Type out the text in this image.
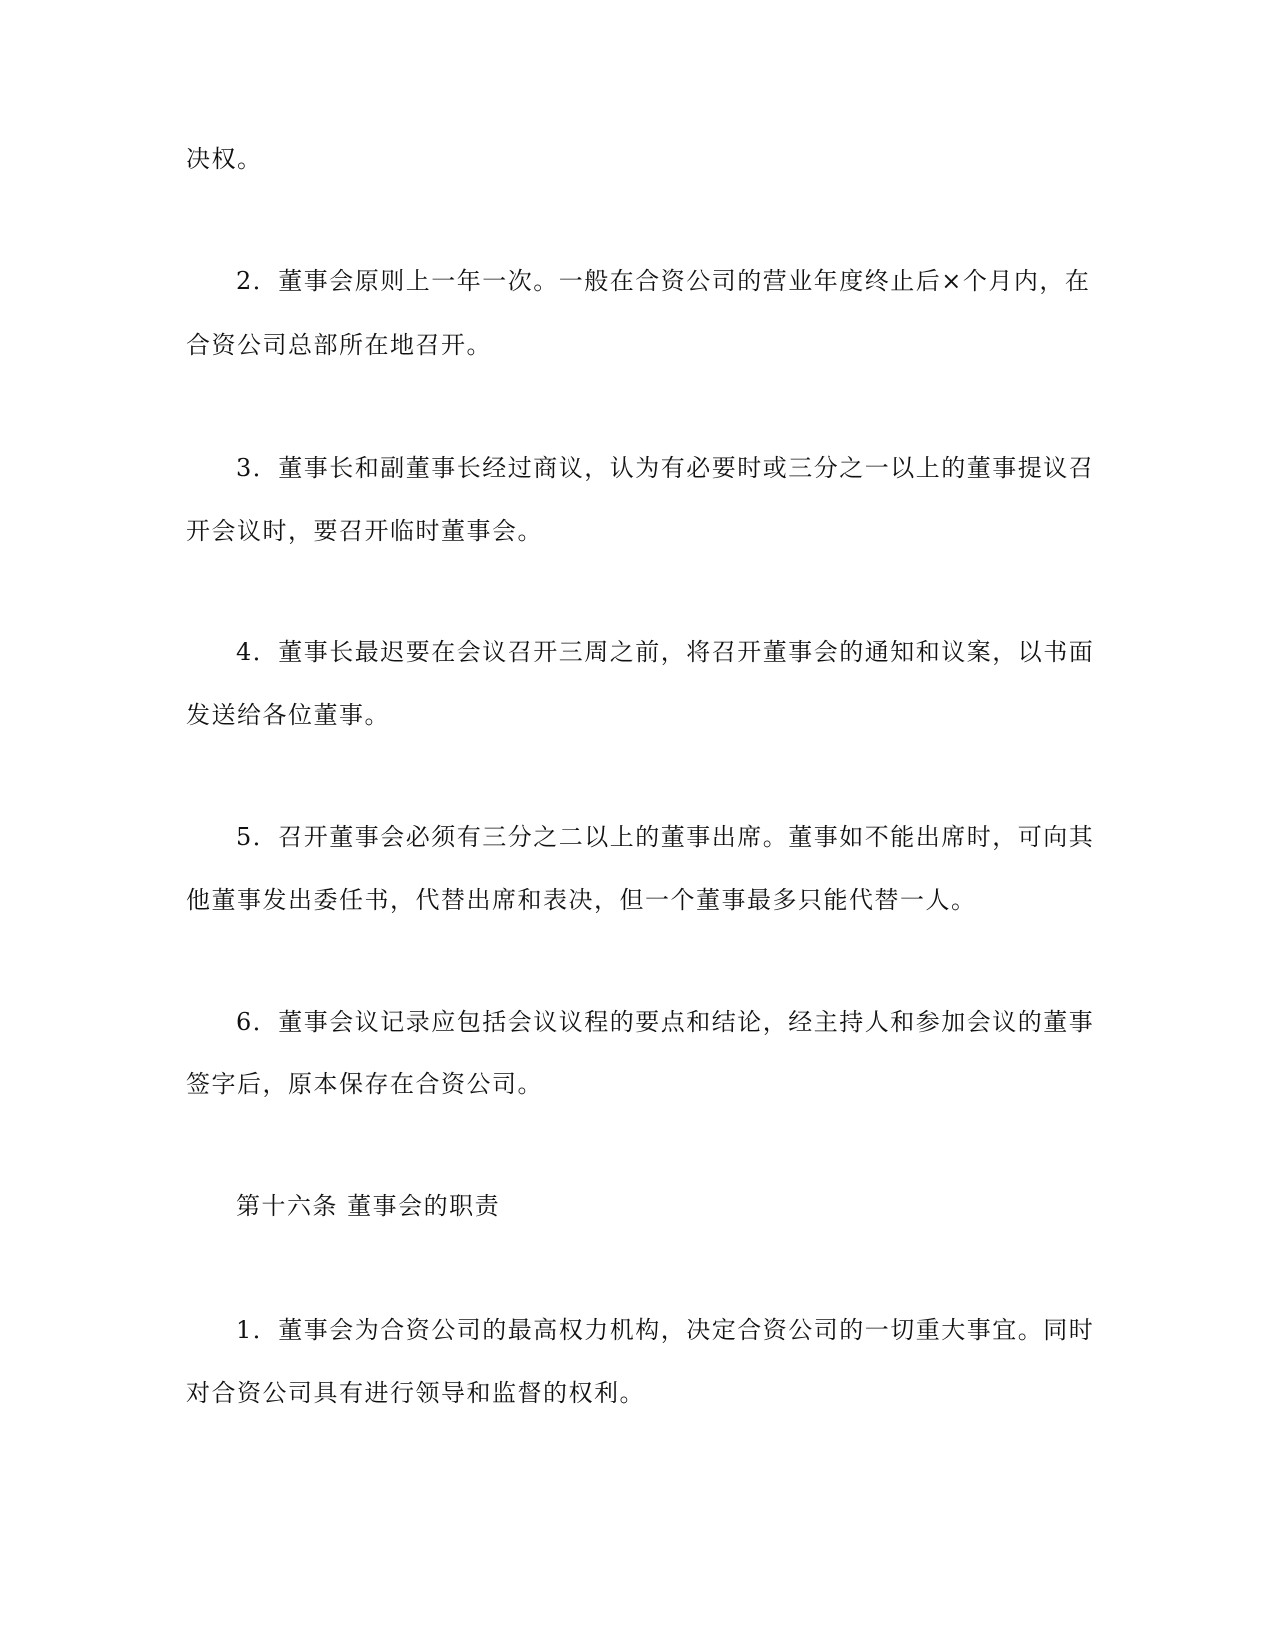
决权。
2．董事会原则上一年一次。一般在合资公司的营业年度终止后×个月内，在
合资公司总部所在地召开。
3．董事长和副董事长经过商议，认为有必要时或三分之一以上的董事提议召
开会议时，要召开临时董事会。
4．董事长最迟要在会议召开三周之前，将召开董事会的通知和议案，以书面
发送给各位董事。
5．召开董事会必须有三分之二以上的董事出席。董事如不能出席时，可向其
他董事发出委任书，代替出席和表决，但一个董事最多只能代替一人。
6．董事会议记录应包括会议议程的要点和结论，经主持人和参加会议的董事
签字后，原本保存在合资公司。
第十六条 董事会的职责
1．董事会为合资公司的最高权力机构，决定合资公司的一切重大事宜。同时
对合资公司具有进行领导和监督的权利。
